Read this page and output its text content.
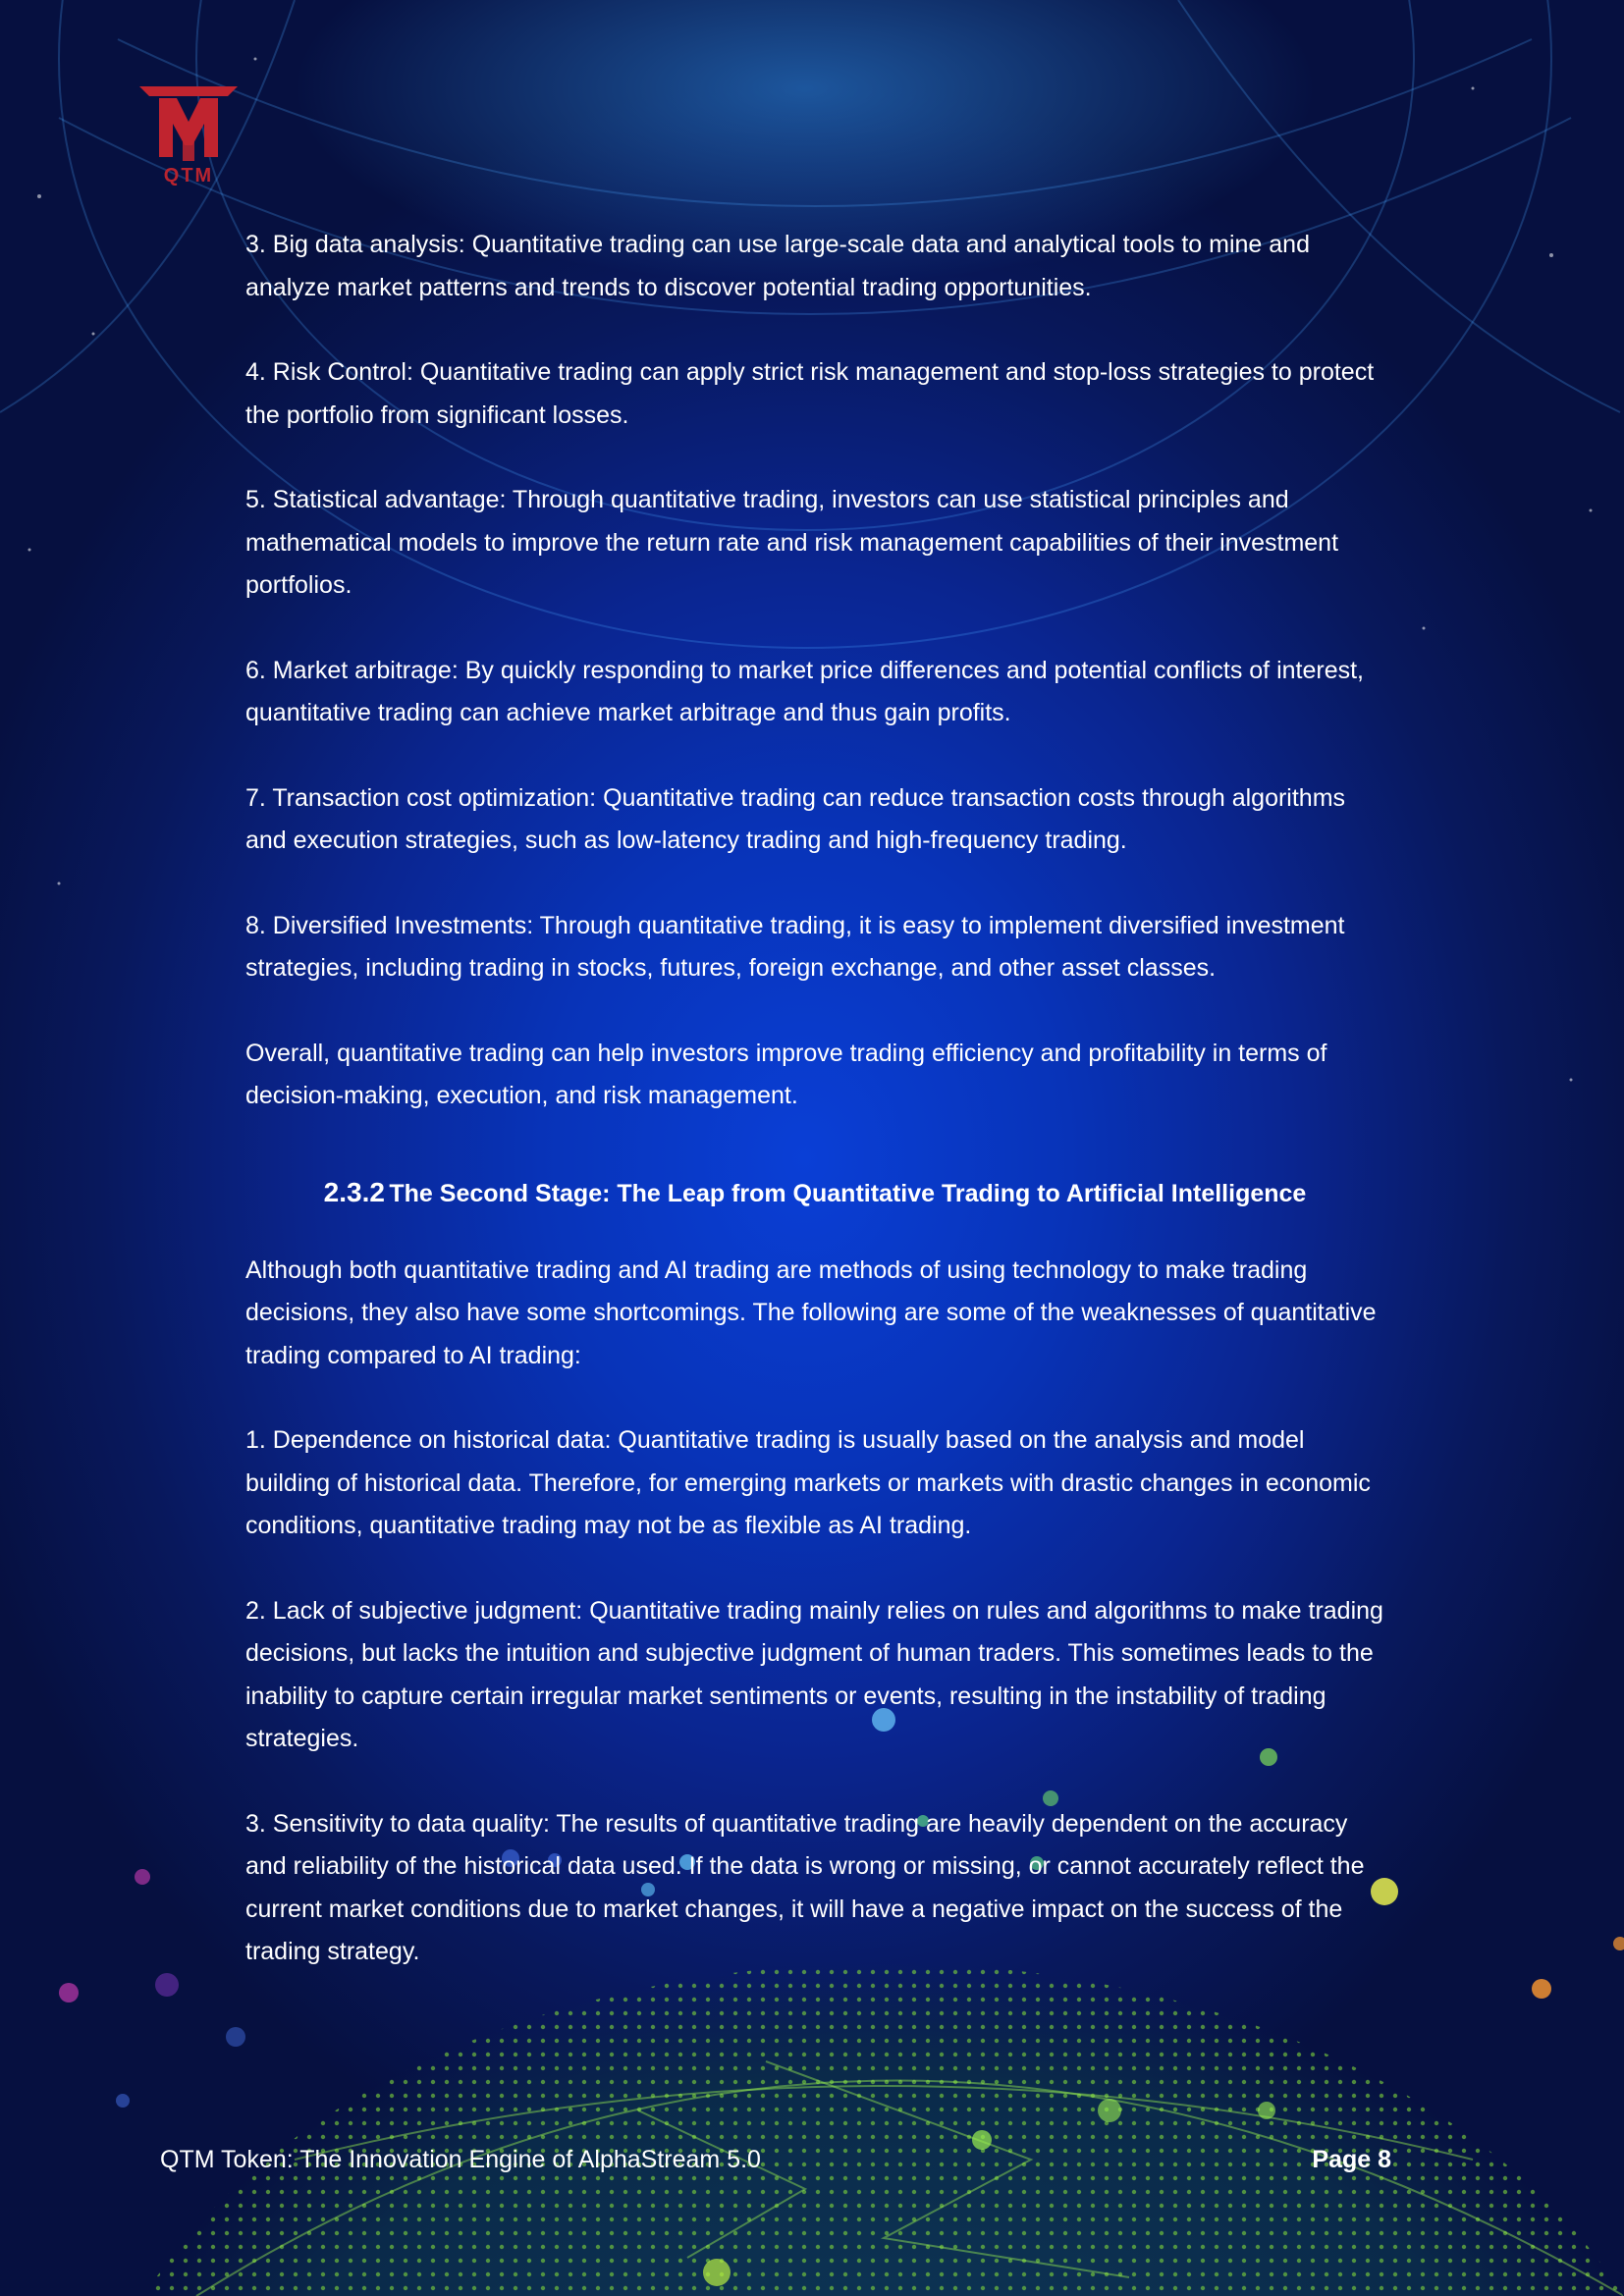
QTM

3. Big data analysis: Quantitative trading can use large-scale data and analytical tools to mine and analyze market patterns and trends to discover potential trading opportunities.

4. Risk Control: Quantitative trading can apply strict risk management and stop-loss strategies to protect the portfolio from significant losses.

5. Statistical advantage: Through quantitative trading, investors can use statistical principles and mathematical models to improve the return rate and risk management capabilities of their investment portfolios.

6. Market arbitrage: By quickly responding to market price differences and potential conflicts of interest, quantitative trading can achieve market arbitrage and thus gain profits.

7. Transaction cost optimization: Quantitative trading can reduce transaction costs through algorithms and execution strategies, such as low-latency trading and high-frequency trading.

8. Diversified Investments: Through quantitative trading, it is easy to implement diversified investment strategies, including trading in stocks, futures, foreign exchange, and other asset classes.

Overall, quantitative trading can help investors improve trading efficiency and profitability in terms of decision-making, execution, and risk management.

2.3.2 The Second Stage: The Leap from Quantitative Trading to Artificial Intelligence

Although both quantitative trading and AI trading are methods of using technology to make trading decisions, they also have some shortcomings. The following are some of the weaknesses of quantitative trading compared to AI trading:

1. Dependence on historical data: Quantitative trading is usually based on the analysis and model building of historical data. Therefore, for emerging markets or markets with drastic changes in economic conditions, quantitative trading may not be as flexible as AI trading.

2. Lack of subjective judgment: Quantitative trading mainly relies on rules and algorithms to make trading decisions, but lacks the intuition and subjective judgment of human traders. This sometimes leads to the inability to capture certain irregular market sentiments or events, resulting in the instability of trading strategies.

3. Sensitivity to data quality: The results of quantitative trading are heavily dependent on the accuracy and reliability of the historical data used. If the data is wrong or missing, or cannot accurately reflect the current market conditions due to market changes, it will have a negative impact on the success of the trading strategy.

QTM Token: The Innovation Engine of AlphaStream 5.0	Page 8
